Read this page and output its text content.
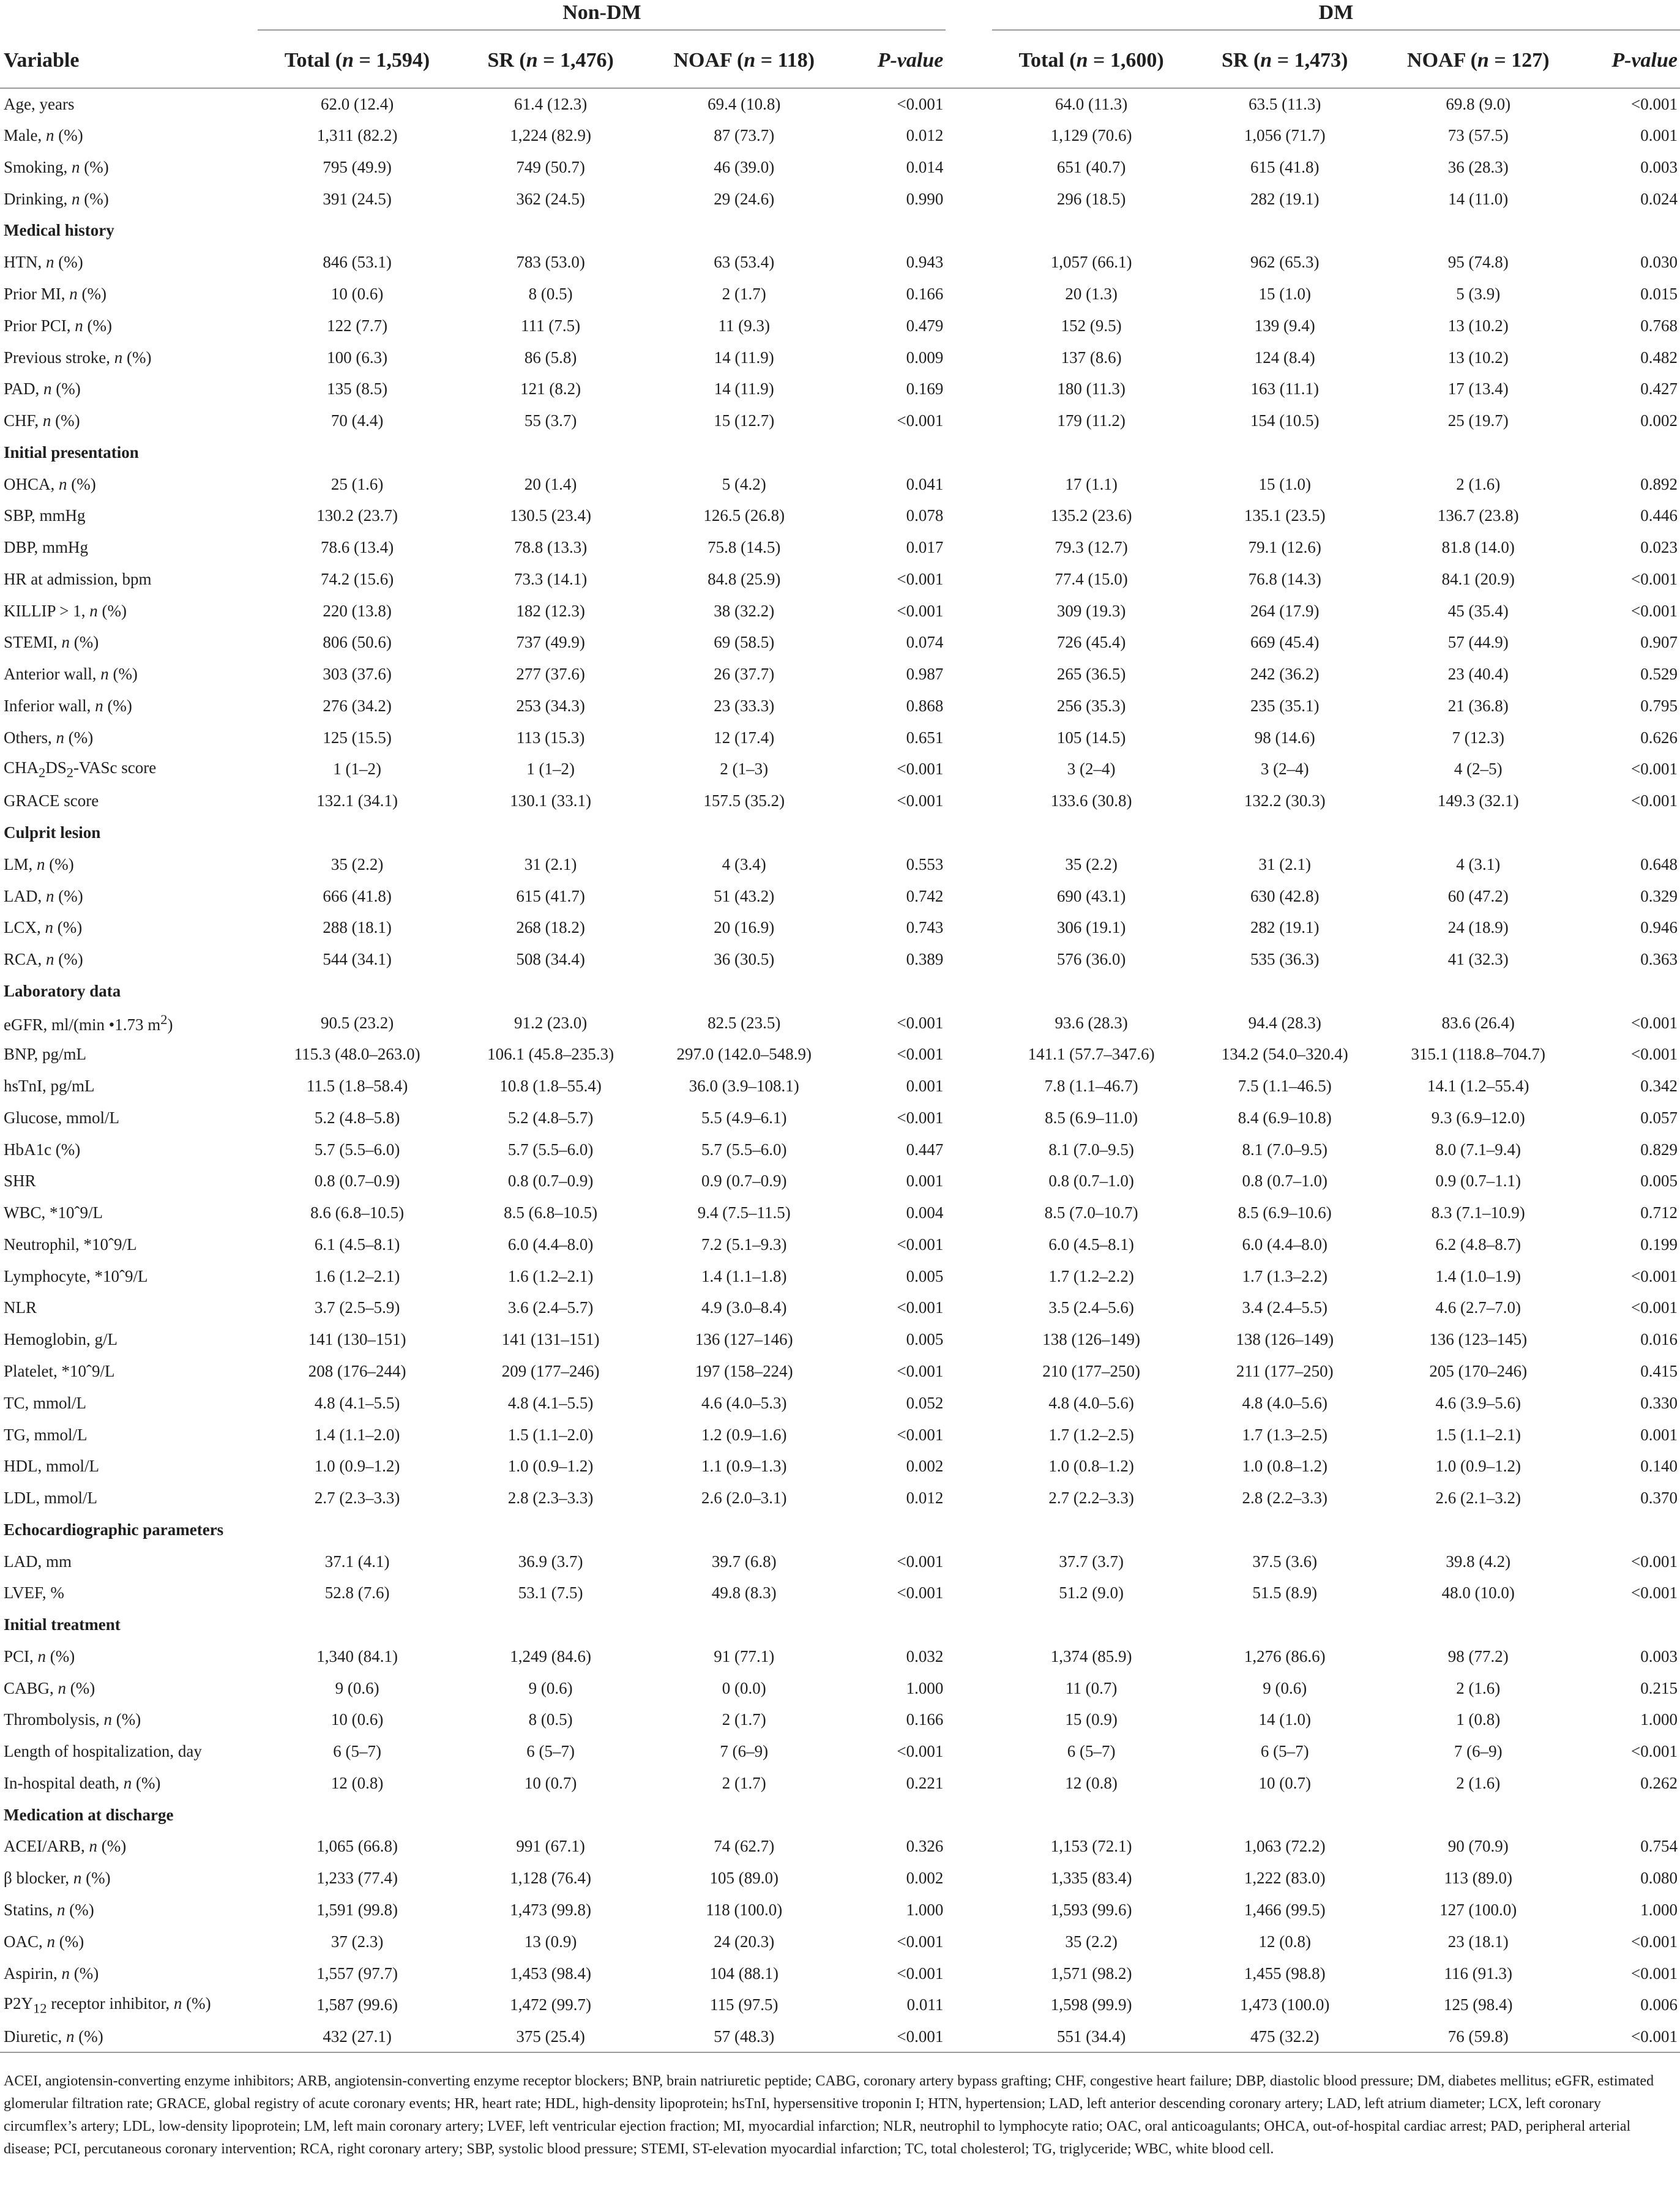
	Non-DM					DM			

Variable	Total (n = 1,594)	SR (n = 1,476)	NOAF (n = 118)	P-value		Total (n = 1,600)	SR (n = 1,473)	NOAF (n = 127)	P-value
Age, years	62.0 (12.4)	61.4 (12.3)	69.4 (10.8)	<0.001		64.0 (11.3)	63.5 (11.3)	69.8 (9.0)	<0.001
Male, n (%)	1,311 (82.2)	1,224 (82.9)	87 (73.7)	0.012		1,129 (70.6)	1,056 (71.7)	73 (57.5)	0.001
Smoking, n (%)	795 (49.9)	749 (50.7)	46 (39.0)	0.014		651 (40.7)	615 (41.8)	36 (28.3)	0.003
Drinking, n (%)	391 (24.5)	362 (24.5)	29 (24.6)	0.990		296 (18.5)	282 (19.1)	14 (11.0)	0.024
Medical history									
HTN, n (%)	846 (53.1)	783 (53.0)	63 (53.4)	0.943		1,057 (66.1)	962 (65.3)	95 (74.8)	0.030
Prior MI, n (%)	10 (0.6)	8 (0.5)	2 (1.7)	0.166		20 (1.3)	15 (1.0)	5 (3.9)	0.015
Prior PCI, n (%)	122 (7.7)	111 (7.5)	11 (9.3)	0.479		152 (9.5)	139 (9.4)	13 (10.2)	0.768
Previous stroke, n (%)	100 (6.3)	86 (5.8)	14 (11.9)	0.009		137 (8.6)	124 (8.4)	13 (10.2)	0.482
PAD, n (%)	135 (8.5)	121 (8.2)	14 (11.9)	0.169		180 (11.3)	163 (11.1)	17 (13.4)	0.427
CHF, n (%)	70 (4.4)	55 (3.7)	15 (12.7)	<0.001		179 (11.2)	154 (10.5)	25 (19.7)	0.002
Initial presentation									
OHCA, n (%)	25 (1.6)	20 (1.4)	5 (4.2)	0.041		17 (1.1)	15 (1.0)	2 (1.6)	0.892
SBP, mmHg	130.2 (23.7)	130.5 (23.4)	126.5 (26.8)	0.078		135.2 (23.6)	135.1 (23.5)	136.7 (23.8)	0.446
DBP, mmHg	78.6 (13.4)	78.8 (13.3)	75.8 (14.5)	0.017		79.3 (12.7)	79.1 (12.6)	81.8 (14.0)	0.023
HR at admission, bpm	74.2 (15.6)	73.3 (14.1)	84.8 (25.9)	<0.001		77.4 (15.0)	76.8 (14.3)	84.1 (20.9)	<0.001
KILLIP > 1, n (%)	220 (13.8)	182 (12.3)	38 (32.2)	<0.001		309 (19.3)	264 (17.9)	45 (35.4)	<0.001
STEMI, n (%)	806 (50.6)	737 (49.9)	69 (58.5)	0.074		726 (45.4)	669 (45.4)	57 (44.9)	0.907
Anterior wall, n (%)	303 (37.6)	277 (37.6)	26 (37.7)	0.987		265 (36.5)	242 (36.2)	23 (40.4)	0.529
Inferior wall, n (%)	276 (34.2)	253 (34.3)	23 (33.3)	0.868		256 (35.3)	235 (35.1)	21 (36.8)	0.795
Others, n (%)	125 (15.5)	113 (15.3)	12 (17.4)	0.651		105 (14.5)	98 (14.6)	7 (12.3)	0.626
$CHA_2DS_2$-VASc score	1 (1–2)	1 (1–2)	2 (1–3)	<0.001		3 (2–4)	3 (2–4)	4 (2–5)	<0.001
GRACE score	132.1 (34.1)	130.1 (33.1)	157.5 (35.2)	<0.001		133.6 (30.8)	132.2 (30.3)	149.3 (32.1)	<0.001
Culprit lesion									
LM, n (%)	35 (2.2)	31 (2.1)	4 (3.4)	0.553		35 (2.2)	31 (2.1)	4 (3.1)	0.648
LAD, n (%)	666 (41.8)	615 (41.7)	51 (43.2)	0.742		690 (43.1)	630 (42.8)	60 (47.2)	0.329
LCX, n (%)	288 (18.1)	268 (18.2)	20 (16.9)	0.743		306 (19.1)	282 (19.1)	24 (18.9)	0.946
RCA, n (%)	544 (34.1)	508 (34.4)	36 (30.5)	0.389		576 (36.0)	535 (36.3)	41 (32.3)	0.363
Laboratory data									
eGFR, ml/(min •1.73 $m^2$)	90.5 (23.2)	91.2 (23.0)	82.5 (23.5)	<0.001		93.6 (28.3)	94.4 (28.3)	83.6 (26.4)	<0.001
BNP, pg/mL	115.3 (48.0–263.0)	106.1 (45.8–235.3)	297.0 (142.0–548.9)	<0.001		141.1 (57.7–347.6)	134.2 (54.0–320.4)	315.1 (118.8–704.7)	<0.001
hsTnI, pg/mL	11.5 (1.8–58.4)	10.8 (1.8–55.4)	36.0 (3.9–108.1)	0.001		7.8 (1.1–46.7)	7.5 (1.1–46.5)	14.1 (1.2–55.4)	0.342
Glucose, mmol/L	5.2 (4.8–5.8)	5.2 (4.8–5.7)	5.5 (4.9–6.1)	<0.001		8.5 (6.9–11.0)	8.4 (6.9–10.8)	9.3 (6.9–12.0)	0.057
HbA1c (%)	5.7 (5.5–6.0)	5.7 (5.5–6.0)	5.7 (5.5–6.0)	0.447		8.1 (7.0–9.5)	8.1 (7.0–9.5)	8.0 (7.1–9.4)	0.829
SHR	0.8 (0.7–0.9)	0.8 (0.7–0.9)	0.9 (0.7–0.9)	0.001		0.8 (0.7–1.0)	0.8 (0.7–1.0)	0.9 (0.7–1.1)	0.005
WBC, *10ˆ9/L	8.6 (6.8–10.5)	8.5 (6.8–10.5)	9.4 (7.5–11.5)	0.004		8.5 (7.0–10.7)	8.5 (6.9–10.6)	8.3 (7.1–10.9)	0.712
Neutrophil, *10ˆ9/L	6.1 (4.5–8.1)	6.0 (4.4–8.0)	7.2 (5.1–9.3)	<0.001		6.0 (4.5–8.1)	6.0 (4.4–8.0)	6.2 (4.8–8.7)	0.199
Lymphocyte, *10ˆ9/L	1.6 (1.2–2.1)	1.6 (1.2–2.1)	1.4 (1.1–1.8)	0.005		1.7 (1.2–2.2)	1.7 (1.3–2.2)	1.4 (1.0–1.9)	<0.001
NLR	3.7 (2.5–5.9)	3.6 (2.4–5.7)	4.9 (3.0–8.4)	<0.001		3.5 (2.4–5.6)	3.4 (2.4–5.5)	4.6 (2.7–7.0)	<0.001
Hemoglobin, g/L	141 (130–151)	141 (131–151)	136 (127–146)	0.005		138 (126–149)	138 (126–149)	136 (123–145)	0.016
Platelet, *10ˆ9/L	208 (176–244)	209 (177–246)	197 (158–224)	<0.001		210 (177–250)	211 (177–250)	205 (170–246)	0.415
TC, mmol/L	4.8 (4.1–5.5)	4.8 (4.1–5.5)	4.6 (4.0–5.3)	0.052		4.8 (4.0–5.6)	4.8 (4.0–5.6)	4.6 (3.9–5.6)	0.330
TG, mmol/L	1.4 (1.1–2.0)	1.5 (1.1–2.0)	1.2 (0.9–1.6)	<0.001		1.7 (1.2–2.5)	1.7 (1.3–2.5)	1.5 (1.1–2.1)	0.001
HDL, mmol/L	1.0 (0.9–1.2)	1.0 (0.9–1.2)	1.1 (0.9–1.3)	0.002		1.0 (0.8–1.2)	1.0 (0.8–1.2)	1.0 (0.9–1.2)	0.140
LDL, mmol/L	2.7 (2.3–3.3)	2.8 (2.3–3.3)	2.6 (2.0–3.1)	0.012		2.7 (2.2–3.3)	2.8 (2.2–3.3)	2.6 (2.1–3.2)	0.370
Echocardiographic parameters									
LAD, mm	37.1 (4.1)	36.9 (3.7)	39.7 (6.8)	<0.001		37.7 (3.7)	37.5 (3.6)	39.8 (4.2)	<0.001
LVEF, %	52.8 (7.6)	53.1 (7.5)	49.8 (8.3)	<0.001		51.2 (9.0)	51.5 (8.9)	48.0 (10.0)	<0.001
Initial treatment									
PCI, n (%)	1,340 (84.1)	1,249 (84.6)	91 (77.1)	0.032		1,374 (85.9)	1,276 (86.6)	98 (77.2)	0.003
CABG, n (%)	9 (0.6)	9 (0.6)	0 (0.0)	1.000		11 (0.7)	9 (0.6)	2 (1.6)	0.215
Thrombolysis, n (%)	10 (0.6)	8 (0.5)	2 (1.7)	0.166		15 (0.9)	14 (1.0)	1 (0.8)	1.000
Length of hospitalization, day	6 (5–7)	6 (5–7)	7 (6–9)	<0.001		6 (5–7)	6 (5–7)	7 (6–9)	<0.001
In-hospital death, n (%)	12 (0.8)	10 (0.7)	2 (1.7)	0.221		12 (0.8)	10 (0.7)	2 (1.6)	0.262
Medication at discharge									
ACEI/ARB, n (%)	1,065 (66.8)	991 (67.1)	74 (62.7)	0.326		1,153 (72.1)	1,063 (72.2)	90 (70.9)	0.754
β blocker, n (%)	1,233 (77.4)	1,128 (76.4)	105 (89.0)	0.002		1,335 (83.4)	1,222 (83.0)	113 (89.0)	0.080
Statins, n (%)	1,591 (99.8)	1,473 (99.8)	118 (100.0)	1.000		1,593 (99.6)	1,466 (99.5)	127 (100.0)	1.000
OAC, n (%)	37 (2.3)	13 (0.9)	24 (20.3)	<0.001		35 (2.2)	12 (0.8)	23 (18.1)	<0.001
Aspirin, n (%)	1,557 (97.7)	1,453 (98.4)	104 (88.1)	<0.001		1,571 (98.2)	1,455 (98.8)	116 (91.3)	<0.001
$P2Y_{12}$ receptor inhibitor, n (%)	1,587 (99.6)	1,472 (99.7)	115 (97.5)	0.011		1,598 (99.9)	1,473 (100.0)	125 (98.4)	0.006
Diuretic, n (%)	432 (27.1)	375 (25.4)	57 (48.3)	<0.001		551 (34.4)	475 (32.2)	76 (59.8)	<0.001
ACEI, angiotensin-converting enzyme inhibitors; ARB, angiotensin-converting enzyme receptor blockers; BNP, brain natriuretic peptide; CABG, coronary artery bypass grafting; CHF, congestive heart failure; DBP, diastolic blood pressure; DM, diabetes mellitus; eGFR, estimated glomerular filtration rate; GRACE, global registry of acute coronary events; HR, heart rate; HDL, high-density lipoprotein; hsTnI, hypersensitive troponin I; HTN, hypertension; LAD, left anterior descending coronary artery; LAD, left atrium diameter; LCX, left coronary circumflex’s artery; LDL, low-density lipoprotein; LM, left main coronary artery; LVEF, left ventricular ejection fraction; MI, myocardial infarction; NLR, neutrophil to lymphocyte ratio; OAC, oral anticoagulants; OHCA, out-of-hospital cardiac arrest; PAD, peripheral arterial disease; PCI, percutaneous coronary intervention; RCA, right coronary artery; SBP, systolic blood pressure; STEMI, ST-elevation myocardial infarction; TC, total cholesterol; TG, triglyceride; WBC, white blood cell.
